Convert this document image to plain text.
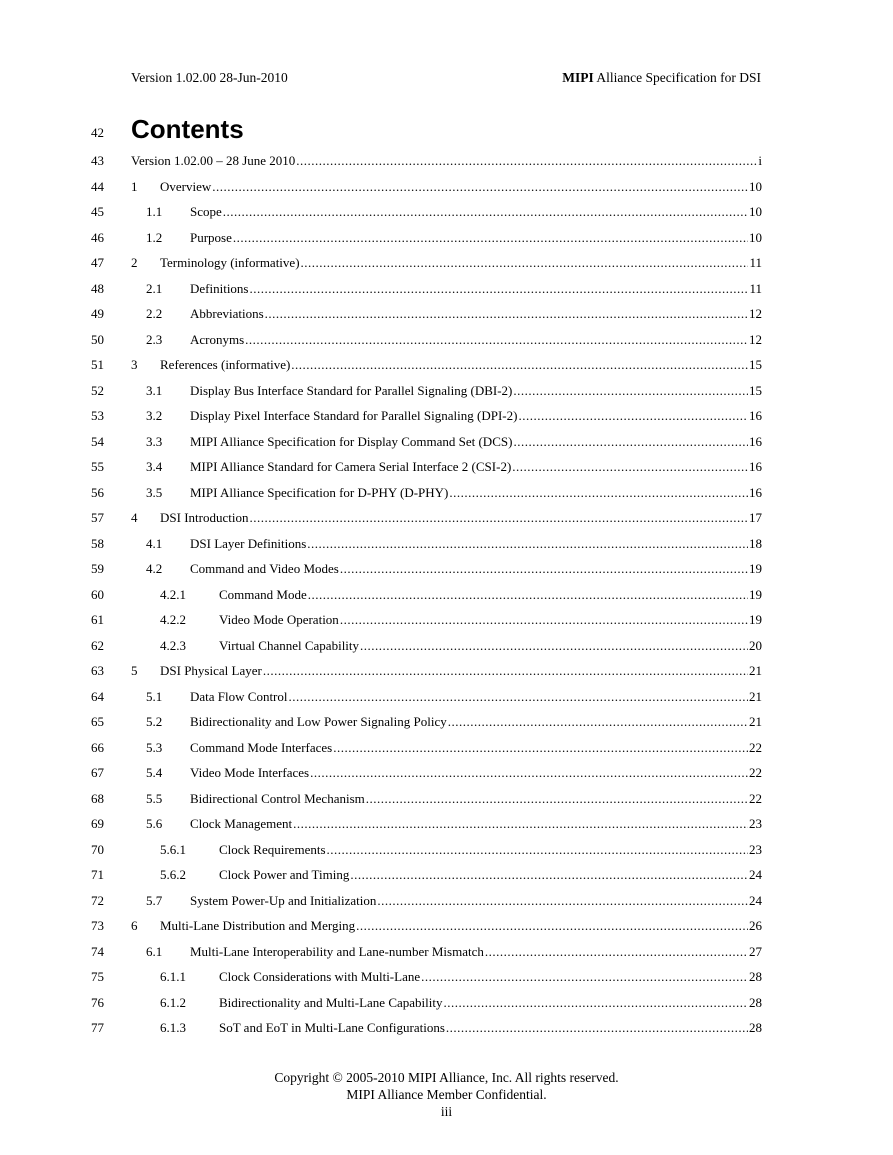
Version 1.02.00 28-Jun-2010	MIPI Alliance Specification for DSI
42 Contents
43 Version 1.02.00 – 28 June 2010 .....	i
44 1	Overview .....	10
45	1.1	Scope .....	10
46	1.2	Purpose .....	10
47 2	Terminology (informative) .....	11
48	2.1	Definitions .....	11
49	2.2	Abbreviations .....	12
50	2.3	Acronyms .....	12
51 3	References (informative) .....	15
52	3.1	Display Bus Interface Standard for Parallel Signaling (DBI-2) .....	15
53	3.2	Display Pixel Interface Standard for Parallel Signaling (DPI-2) .....	16
54	3.3	MIPI Alliance Specification for Display Command Set (DCS) .....	16
55	3.4	MIPI Alliance Standard for Camera Serial Interface 2 (CSI-2) .....	16
56	3.5	MIPI Alliance Specification for D-PHY (D-PHY) .....	16
57 4	DSI Introduction .....	17
58	4.1	DSI Layer Definitions .....	18
59	4.2	Command and Video Modes .....	19
60	4.2.1	Command Mode .....	19
61	4.2.2	Video Mode Operation .....	19
62	4.2.3	Virtual Channel Capability .....	20
63 5	DSI Physical Layer .....	21
64	5.1	Data Flow Control .....	21
65	5.2	Bidirectionality and Low Power Signaling Policy .....	21
66	5.3	Command Mode Interfaces .....	22
67	5.4	Video Mode Interfaces .....	22
68	5.5	Bidirectional Control Mechanism .....	22
69	5.6	Clock Management .....	23
70	5.6.1	Clock Requirements .....	23
71	5.6.2	Clock Power and Timing .....	24
72	5.7	System Power-Up and Initialization .....	24
73 6	Multi-Lane Distribution and Merging .....	26
74	6.1	Multi-Lane Interoperability and Lane-number Mismatch .....	27
75	6.1.1	Clock Considerations with Multi-Lane .....	28
76	6.1.2	Bidirectionality and Multi-Lane Capability .....	28
77	6.1.3	SoT and EoT in Multi-Lane Configurations .....	28
Copyright © 2005-2010 MIPI Alliance, Inc. All rights reserved.
MIPI Alliance Member Confidential.
iii
